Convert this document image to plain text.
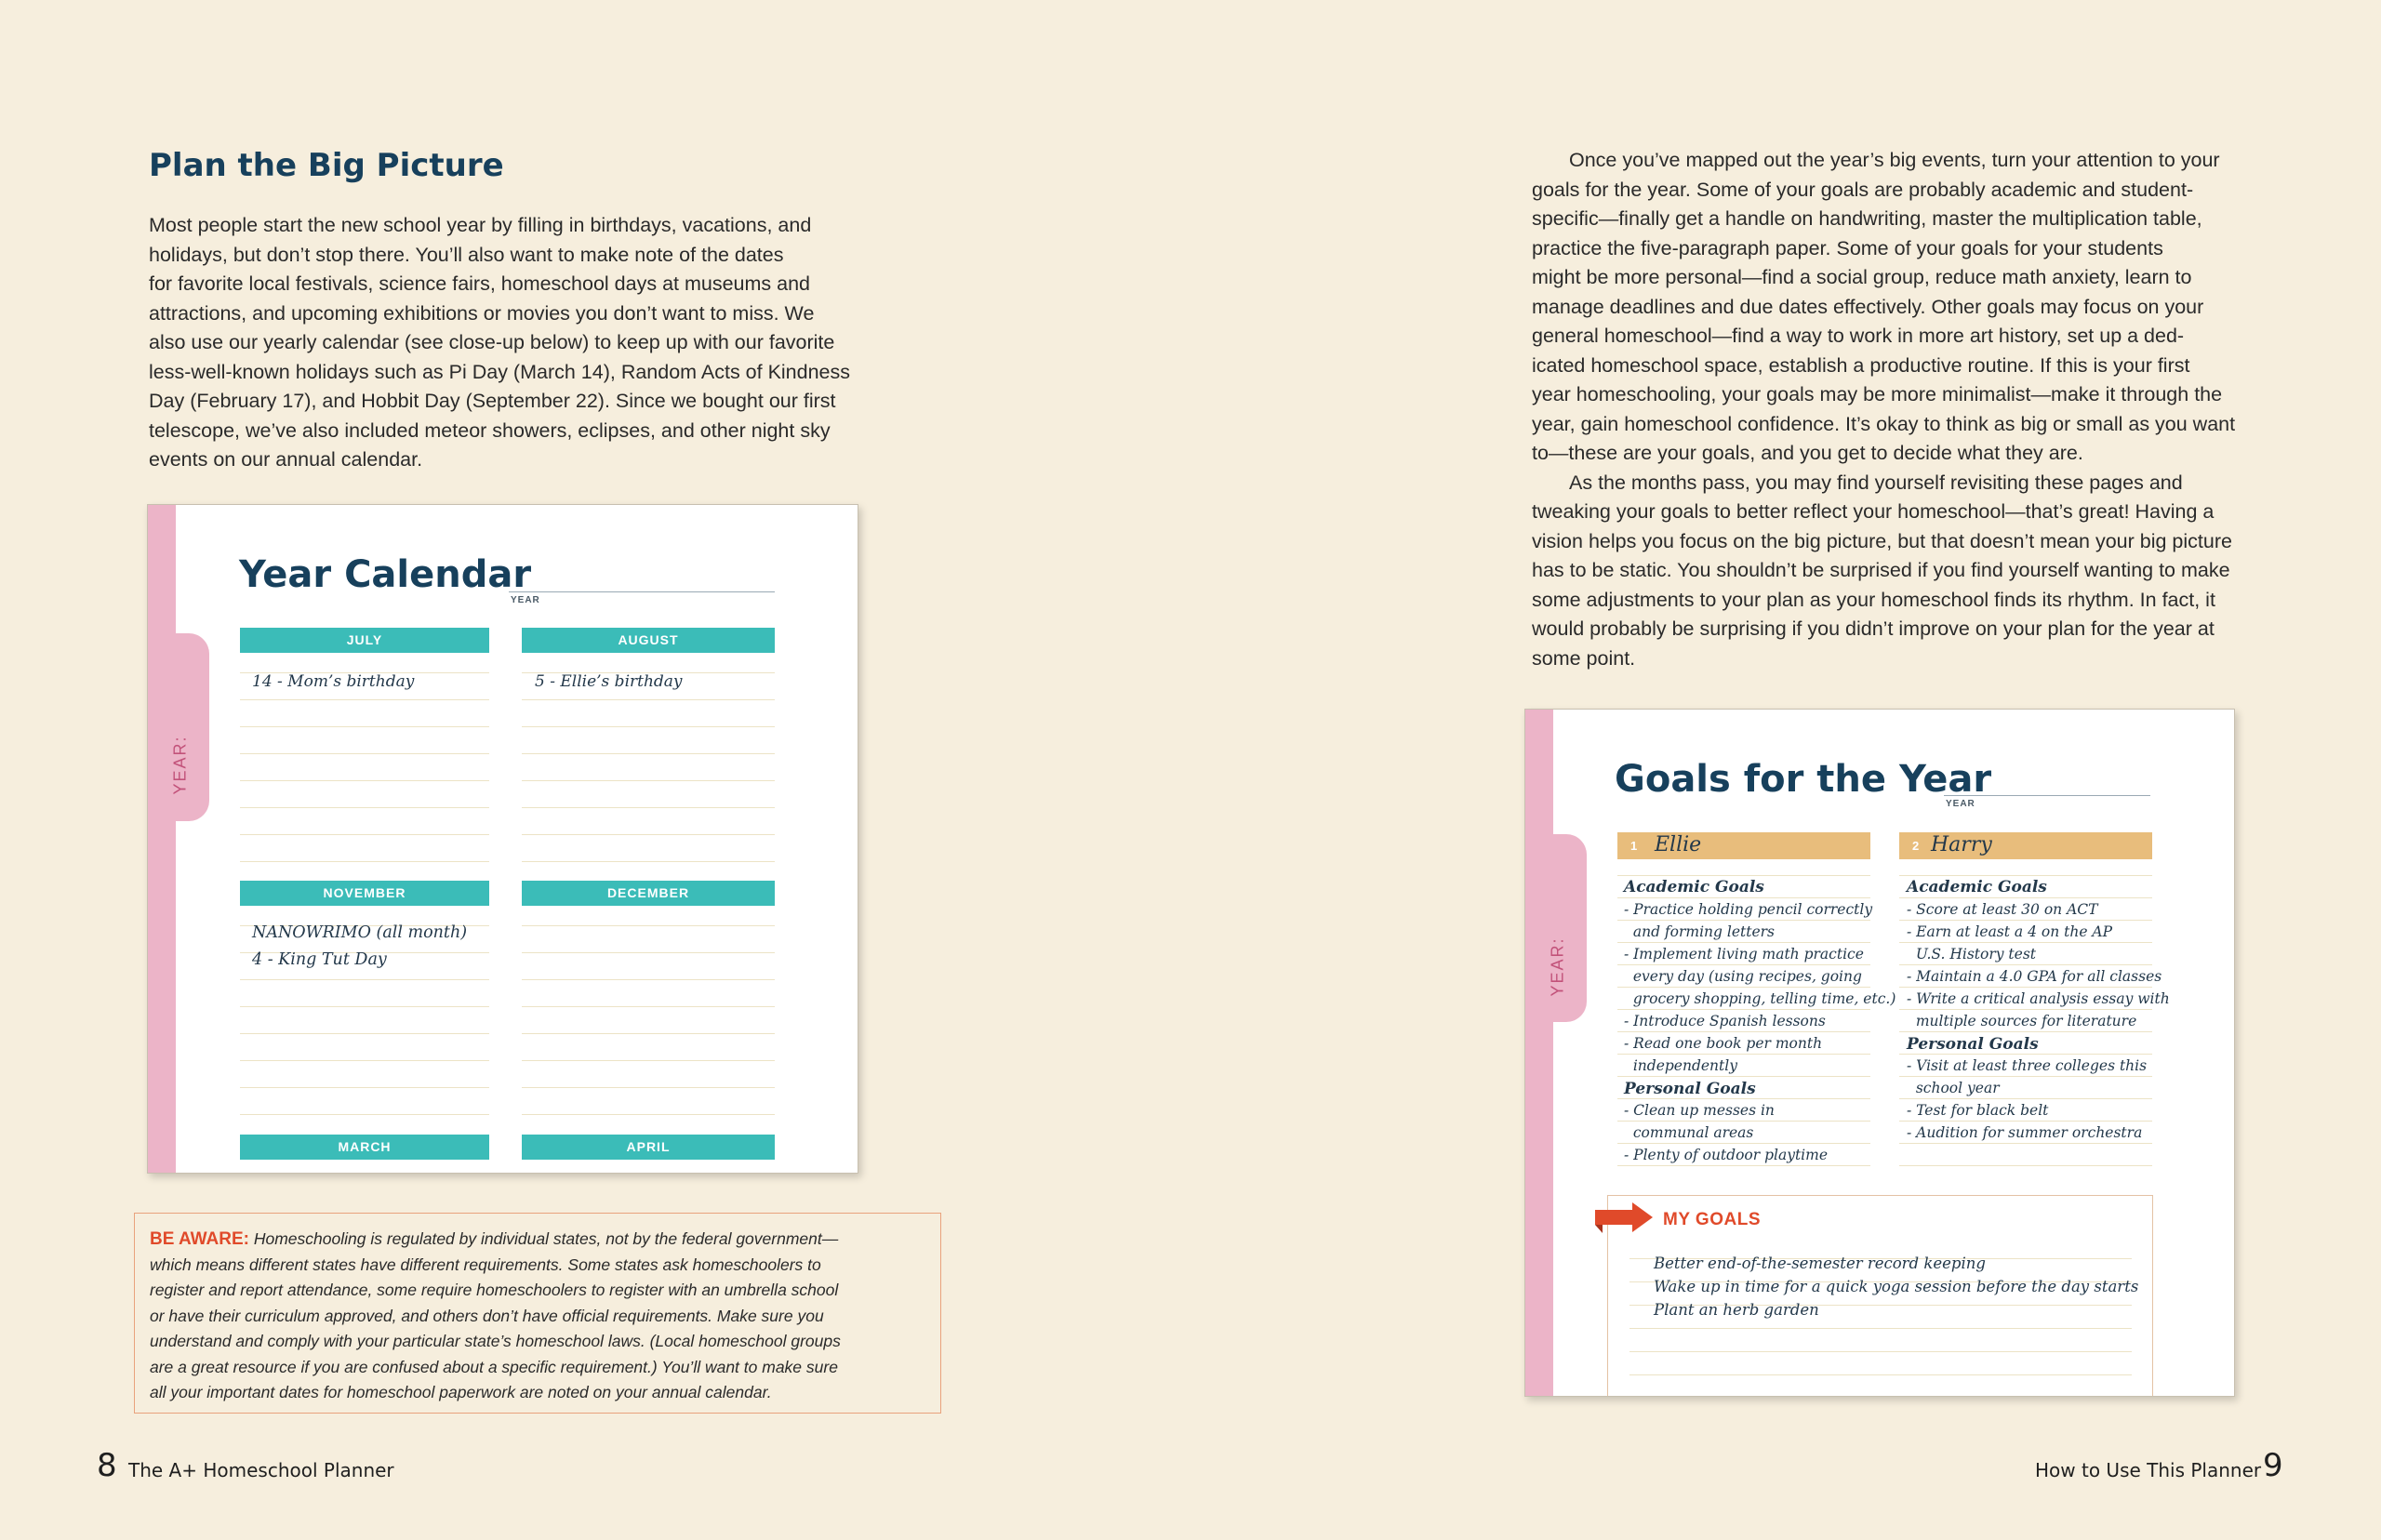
Plan the Big Picture
Most people start the new school year by filling in birthdays, vacations, and
holidays, but don’t stop there. You’ll also want to make note of the dates
for favorite local festivals, science fairs, homeschool days at museums and
attractions, and upcoming exhibitions or movies you don’t want to miss. We
also use our yearly calendar (see close-up below) to keep up with our favorite
less-well-known holidays such as Pi Day (March 14), Random Acts of Kindness
Day (February 17), and Hobbit Day (September 22). Since we bought our first
telescope, we’ve also included meteor showers, eclipses, and other night sky
events on our annual calendar.
Year Calendar
YEAR
JULY
14 - Mom’s birthday
AUGUST
5 - Ellie’s birthday
NOVEMBER
NANOWRIMO (all month)
4 - King Tut Day
DECEMBER
MARCH	APRIL
BE AWARE: Homeschooling is regulated by individual states, not by the federal government—
which means different states have different requirements. Some states ask homeschoolers to
register and report attendance, some require homeschoolers to register with an umbrella school
or have their curriculum approved, and others don’t have official requirements. Make sure you
understand and comply with your particular state’s homeschool laws. (Local homeschool groups
are a great resource if you are confused about a specific requirement.) You’ll want to make sure
all your important dates for homeschool paperwork are noted on your annual calendar.
8 The A+ Homeschool Planner
Once you’ve mapped out the year’s big events, turn your attention to your
goals for the year. Some of your goals are probably academic and student-
specific—finally get a handle on handwriting, master the multiplication table,
practice the five-paragraph paper. Some of your goals for your students
might be more personal—find a social group, reduce math anxiety, learn to
manage deadlines and due dates effectively. Other goals may focus on your
general homeschool—find a way to work in more art history, set up a ded-
icated homeschool space, establish a productive routine. If this is your first
year homeschooling, your goals may be more minimalist—make it through the
year, gain homeschool confidence. It’s okay to think as big or small as you want
to—these are your goals, and you get to decide what they are.
As the months pass, you may find yourself revisiting these pages and
tweaking your goals to better reflect your homeschool—that’s great! Having a
vision helps you focus on the big picture, but that doesn’t mean your big picture
has to be static. You shouldn’t be surprised if you find yourself wanting to make
some adjustments to your plan as your homeschool finds its rhythm. In fact, it
would probably be surprising if you didn’t improve on your plan for the year at
some point.
Goals for the Year
YEAR
1 Ellie
Academic Goals
- Practice holding pencil correctly
and forming letters
- Implement living math practice
every day (using recipes, going
grocery shopping, telling time, etc.)
- Introduce Spanish lessons
- Read one book per month
independently
Personal Goals
- Clean up messes in
communal areas
- Plenty of outdoor playtime
2 Harry
Academic Goals
- Score at least 30 on ACT
- Earn at least a 4 on the AP
U.S. History test
- Maintain a 4.0 GPA for all classes
- Write a critical analysis essay with
multiple sources for literature
Personal Goals
- Visit at least three colleges this
school year
- Test for black belt
- Audition for summer orchestra
MY GOALS
Better end-of-the-semester record keeping
Wake up in time for a quick yoga session before the day starts
Plant an herb garden
How to Use This Planner 9
